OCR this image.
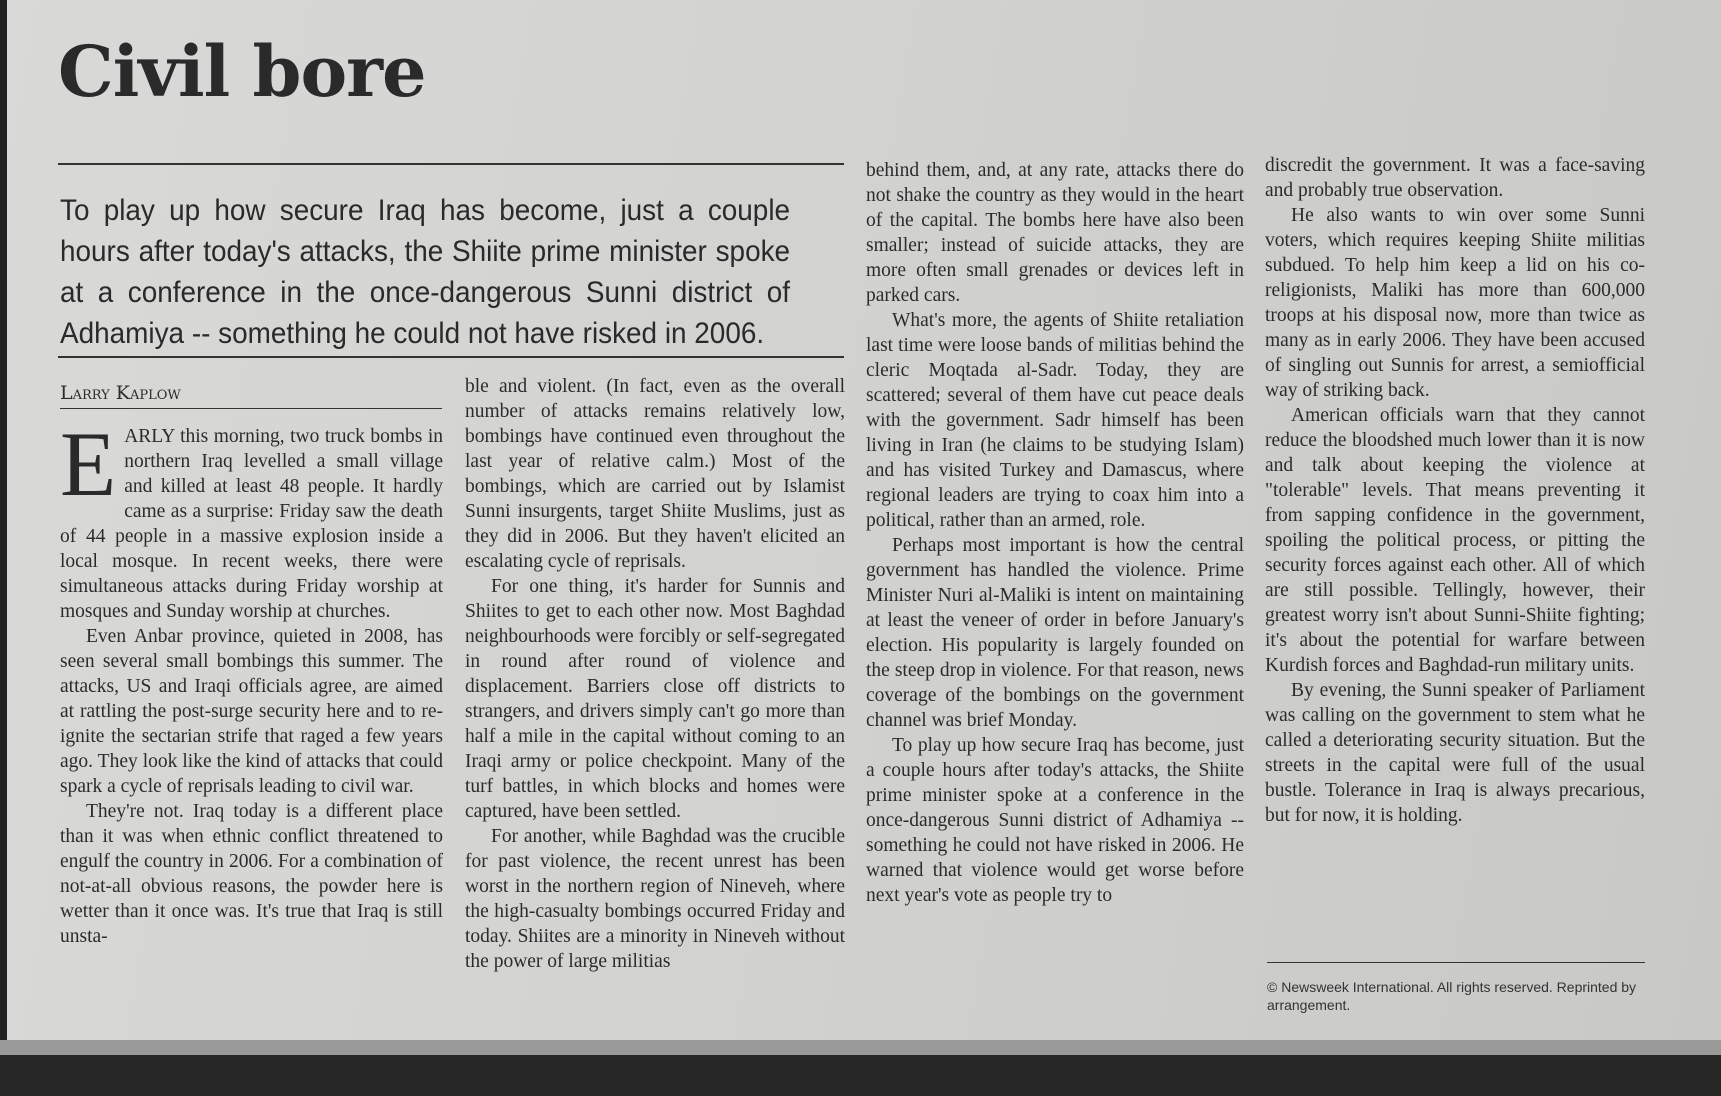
Civil bore

To play up how secure Iraq has become, just a couple hours after today's attacks, the Shiite prime minister spoke at a conference in the once-dangerous Sunni district of Adhamiya -- something he could not have risked in 2006.

Larry Kaplow

EARLY this morning, two truck bombs in northern Iraq levelled a small village and killed at least 48 people. It hardly came as a surprise: Friday saw the death of 44 people in a massive explosion inside a local mosque. In recent weeks, there were simultaneous attacks during Friday worship at mosques and Sunday worship at churches.

Even Anbar province, quieted in 2008, has seen several small bombings this summer. The attacks, US and Iraqi officials agree, are aimed at rattling the post-surge security here and to re-ignite the sectarian strife that raged a few years ago. They look like the kind of attacks that could spark a cycle of reprisals leading to civil war.

They're not. Iraq today is a different place than it was when ethnic conflict threatened to engulf the country in 2006. For a combination of not-at-all obvious reasons, the powder here is wetter than it once was. It's true that Iraq is still unsta-

ble and violent. (In fact, even as the overall number of attacks remains relatively low, bombings have continued even throughout the last year of relative calm.) Most of the bombings, which are carried out by Islamist Sunni insurgents, target Shiite Muslims, just as they did in 2006. But they haven't elicited an escalating cycle of reprisals.

For one thing, it's harder for Sunnis and Shiites to get to each other now. Most Baghdad neighbourhoods were forcibly or self-segregated in round after round of violence and displacement. Barriers close off districts to strangers, and drivers simply can't go more than half a mile in the capital without coming to an Iraqi army or police checkpoint. Many of the turf battles, in which blocks and homes were captured, have been settled.

For another, while Baghdad was the crucible for past violence, the recent unrest has been worst in the northern region of Nineveh, where the high-casualty bombings occurred Friday and today. Shiites are a minority in Nineveh without the power of large militias

behind them, and, at any rate, attacks there do not shake the country as they would in the heart of the capital. The bombs here have also been smaller; instead of suicide attacks, they are more often small grenades or devices left in parked cars.

What's more, the agents of Shiite retaliation last time were loose bands of militias behind the cleric Moqtada al-Sadr. Today, they are scattered; several of them have cut peace deals with the government. Sadr himself has been living in Iran (he claims to be studying Islam) and has visited Turkey and Damascus, where regional leaders are trying to coax him into a political, rather than an armed, role.

Perhaps most important is how the central government has handled the violence. Prime Minister Nuri al-Maliki is intent on maintaining at least the veneer of order in before January's election. His popularity is largely founded on the steep drop in violence. For that reason, news coverage of the bombings on the government channel was brief Monday.

To play up how secure Iraq has become, just a couple hours after today's attacks, the Shiite prime minister spoke at a conference in the once-dangerous Sunni district of Adhamiya -- something he could not have risked in 2006. He warned that violence would get worse before next year's vote as people try to

discredit the government. It was a face-saving and probably true observation.

He also wants to win over some Sunni voters, which requires keeping Shiite militias subdued. To help him keep a lid on his co-religionists, Maliki has more than 600,000 troops at his disposal now, more than twice as many as in early 2006. They have been accused of singling out Sunnis for arrest, a semiofficial way of striking back.

American officials warn that they cannot reduce the bloodshed much lower than it is now and talk about keeping the violence at "tolerable" levels. That means preventing it from sapping confidence in the government, spoiling the political process, or pitting the security forces against each other. All of which are still possible. Tellingly, however, their greatest worry isn't about Sunni-Shiite fighting; it's about the potential for warfare between Kurdish forces and Baghdad-run military units.

By evening, the Sunni speaker of Parliament was calling on the government to stem what he called a deteriorating security situation. But the streets in the capital were full of the usual bustle. Tolerance in Iraq is always precarious, but for now, it is holding.

© Newsweek International. All rights reserved. Reprinted by arrangement.
